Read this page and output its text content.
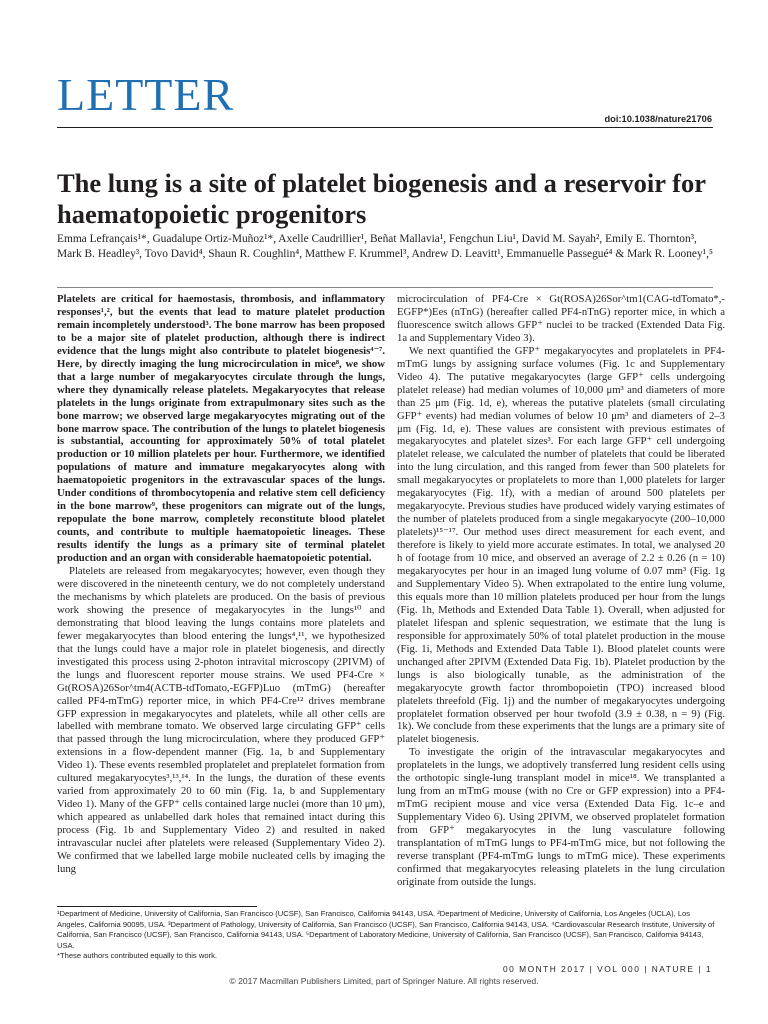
LETTER	doi:10.1038/nature21706
The lung is a site of platelet biogenesis and a reservoir for haematopoietic progenitors

Emma Lefrançais¹*, Guadalupe Ortiz-Muñoz¹*, Axelle Caudrillier¹, Beñat Mallavia¹, Fengchun Liu¹, David M. Sayah², Emily E. Thornton³, Mark B. Headley³, Tovo David⁴, Shaun R. Coughlin⁴, Matthew F. Krummel³, Andrew D. Leavitt¹, Emmanuelle Passegué⁴ & Mark R. Looney¹,⁵

Platelets are critical for haemostasis, thrombosis, and inflammatory responses¹,², but the events that lead to mature platelet production remain incompletely understood³. The bone marrow has been proposed to be a major site of platelet production, although there is indirect evidence that the lungs might also contribute to platelet biogenesis⁴⁻⁷. Here, by directly imaging the lung microcirculation in mice⁸, we show that a large number of megakaryocytes circulate through the lungs, where they dynamically release platelets. Megakaryocytes that release platelets in the lungs originate from extrapulmonary sites such as the bone marrow; we observed large megakaryocytes migrating out of the bone marrow space. The contribution of the lungs to platelet biogenesis is substantial, accounting for approximately 50% of total platelet production or 10 million platelets per hour. Furthermore, we identified populations of mature and immature megakaryocytes along with haematopoietic progenitors in the extravascular spaces of the lungs. Under conditions of thrombocytopenia and relative stem cell deficiency in the bone marrow⁹, these progenitors can migrate out of the lungs, repopulate the bone marrow, completely reconstitute blood platelet counts, and contribute to multiple haematopoietic lineages. These results identify the lungs as a primary site of terminal platelet production and an organ with considerable haematopoietic potential.

Platelets are released from megakaryocytes; however, even though they were discovered in the nineteenth century, we do not completely understand the mechanisms by which platelets are produced. On the basis of previous work showing the presence of megakaryocytes in the lungs¹⁰ and demonstrating that blood leaving the lungs contains more platelets and fewer megakaryocytes than blood entering the lungs⁴,¹¹, we hypothesized that the lungs could have a major role in platelet biogenesis, and directly investigated this process using 2-photon intravital microscopy (2PIVM) of the lungs and fluorescent reporter mouse strains. We used PF4-Cre × Gt(ROSA)26Sor^tm4(ACTB-tdTomato,-EGFP)Luo (mTmG) (hereafter called PF4-mTmG) reporter mice, in which PF4-Cre¹² drives membrane GFP expression in megakaryocytes and platelets, while all other cells are labelled with membrane tomato. We observed large circulating GFP⁺ cells that passed through the lung microcirculation, where they produced GFP⁺ extensions in a flow-dependent manner (Fig. 1a, b and Supplementary Video 1). These events resembled proplatelet and preplatelet formation from cultured megakaryocytes³,¹³,¹⁴. In the lungs, the duration of these events varied from approximately 20 to 60 min (Fig. 1a, b and Supplementary Video 1). Many of the GFP⁺ cells contained large nuclei (more than 10 μm), which appeared as unlabelled dark holes that remained intact during this process (Fig. 1b and Supplementary Video 2) and resulted in naked intravascular nuclei after platelets were released (Supplementary Video 2). We confirmed that we labelled large mobile nucleated cells by imaging the lung

microcirculation of PF4-Cre × Gt(ROSA)26Sor^tm1(CAG-tdTomato*,-EGFP*)Ees (nTnG) (hereafter called PF4-nTnG) reporter mice, in which a fluorescence switch allows GFP⁺ nuclei to be tracked (Extended Data Fig. 1a and Supplementary Video 3).

We next quantified the GFP⁺ megakaryocytes and proplatelets in PF4-mTmG lungs by assigning surface volumes (Fig. 1c and Supplementary Video 4). The putative megakaryocytes (large GFP⁺ cells undergoing platelet release) had median volumes of 10,000 μm³ and diameters of more than 25 μm (Fig. 1d, e), whereas the putative platelets (small circulating GFP⁺ events) had median volumes of below 10 μm³ and diameters of 2–3 μm (Fig. 1d, e). These values are consistent with previous estimates of megakaryocytes and platelet sizes³. For each large GFP⁺ cell undergoing platelet release, we calculated the number of platelets that could be liberated into the lung circulation, and this ranged from fewer than 500 platelets for small megakaryocytes or proplatelets to more than 1,000 platelets for larger megakaryocytes (Fig. 1f), with a median of around 500 platelets per megakaryocyte. Previous studies have produced widely varying estimates of the number of platelets produced from a single megakaryocyte (200–10,000 platelets)¹⁵⁻¹⁷. Our method uses direct measurement for each event, and therefore is likely to yield more accurate estimates. In total, we analysed 20 h of footage from 10 mice, and observed an average of 2.2 ± 0.26 (n = 10) megakaryocytes per hour in an imaged lung volume of 0.07 mm³ (Fig. 1g and Supplementary Video 5). When extrapolated to the entire lung volume, this equals more than 10 million platelets produced per hour from the lungs (Fig. 1h, Methods and Extended Data Table 1). Overall, when adjusted for platelet lifespan and splenic sequestration, we estimate that the lung is responsible for approximately 50% of total platelet production in the mouse (Fig. 1i, Methods and Extended Data Table 1). Blood platelet counts were unchanged after 2PIVM (Extended Data Fig. 1b). Platelet production by the lungs is also biologically tunable, as the administration of the megakaryocyte growth factor thrombopoietin (TPO) increased blood platelets threefold (Fig. 1j) and the number of megakaryocytes undergoing proplatelet formation observed per hour twofold (3.9 ± 0.38, n = 9) (Fig. 1k). We conclude from these experiments that the lungs are a primary site of platelet biogenesis.

To investigate the origin of the intravascular megakaryocytes and proplatelets in the lungs, we adoptively transferred lung resident cells using the orthotopic single-lung transplant model in mice¹⁸. We transplanted a lung from an mTmG mouse (with no Cre or GFP expression) into a PF4-mTmG recipient mouse and vice versa (Extended Data Fig. 1c–e and Supplementary Video 6). Using 2PIVM, we observed proplatelet formation from GFP⁺ megakaryocytes in the lung vasculature following transplantation of mTmG lungs to PF4-mTmG mice, but not following the reverse transplant (PF4-mTmG lungs to mTmG mice). These experiments confirmed that megakaryocytes releasing platelets in the lung circulation originate from outside the lungs.

¹Department of Medicine, University of California, San Francisco (UCSF), San Francisco, California 94143, USA. ²Department of Medicine, University of California, Los Angeles (UCLA), Los Angeles, California 90095, USA. ³Department of Pathology, University of California, San Francisco (UCSF), San Francisco, California 94143, USA. ⁴Cardiovascular Research Institute, University of California, San Francisco (UCSF), San Francisco, California 94143, USA. ⁵Department of Laboratory Medicine, University of California, San Francisco (UCSF), San Francisco, California 94143, USA.

*These authors contributed equally to this work.

00 MONTH 2017 | VOL 000 | NATURE | 1
© 2017 Macmillan Publishers Limited, part of Springer Nature. All rights reserved.
